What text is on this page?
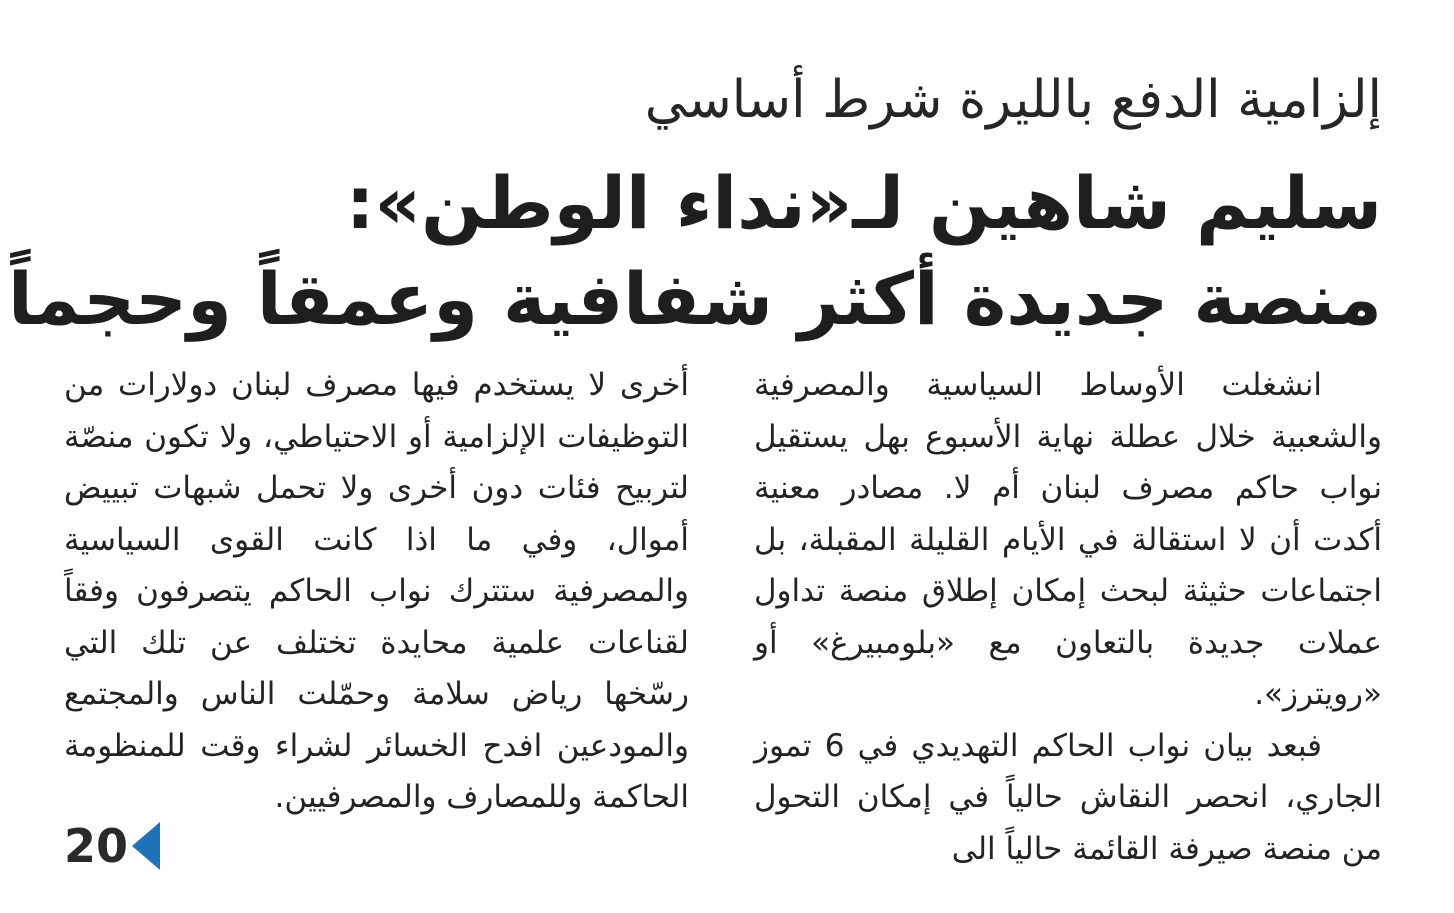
إلزامية الدفع بالليرة شرط أساسي
سليم شاهين لـ«نداء الوطن»:
منصة جديدة أكثر شفافية وعمقاً وحجماً

انشغلت الأوساط السياسية والمصرفية والشعبية خلال عطلة نهاية الأسبوع بهل يستقيل نواب حاكم مصرف لبنان أم لا. مصادر معنية أكدت أن لا استقالة في الأيام القليلة المقبلة، بل اجتماعات حثيثة لبحث إمكان إطلاق منصة تداول عملات جديدة بالتعاون مع «بلومبيرغ» أو «رويترز».

فبعد بيان نواب الحاكم التهديدي في 6 تموز الجاري، انحصر النقاش حالياً في إمكان التحول من منصة صيرفة القائمة حالياً الى

أخرى لا يستخدم فيها مصرف لبنان دولارات من التوظيفات الإلزامية أو الاحتياطي، ولا تكون منصّة لتربيح فئات دون أخرى ولا تحمل شبهات تبييض أموال، وفي ما اذا كانت القوى السياسية والمصرفية ستترك نواب الحاكم يتصرفون وفقاً لقناعات علمية محايدة تختلف عن تلك التي رسّخها رياض سلامة وحمّلت الناس والمجتمع والمودعين افدح الخسائر لشراء وقت للمنظومة الحاكمة وللمصارف والمصرفيين.

20
